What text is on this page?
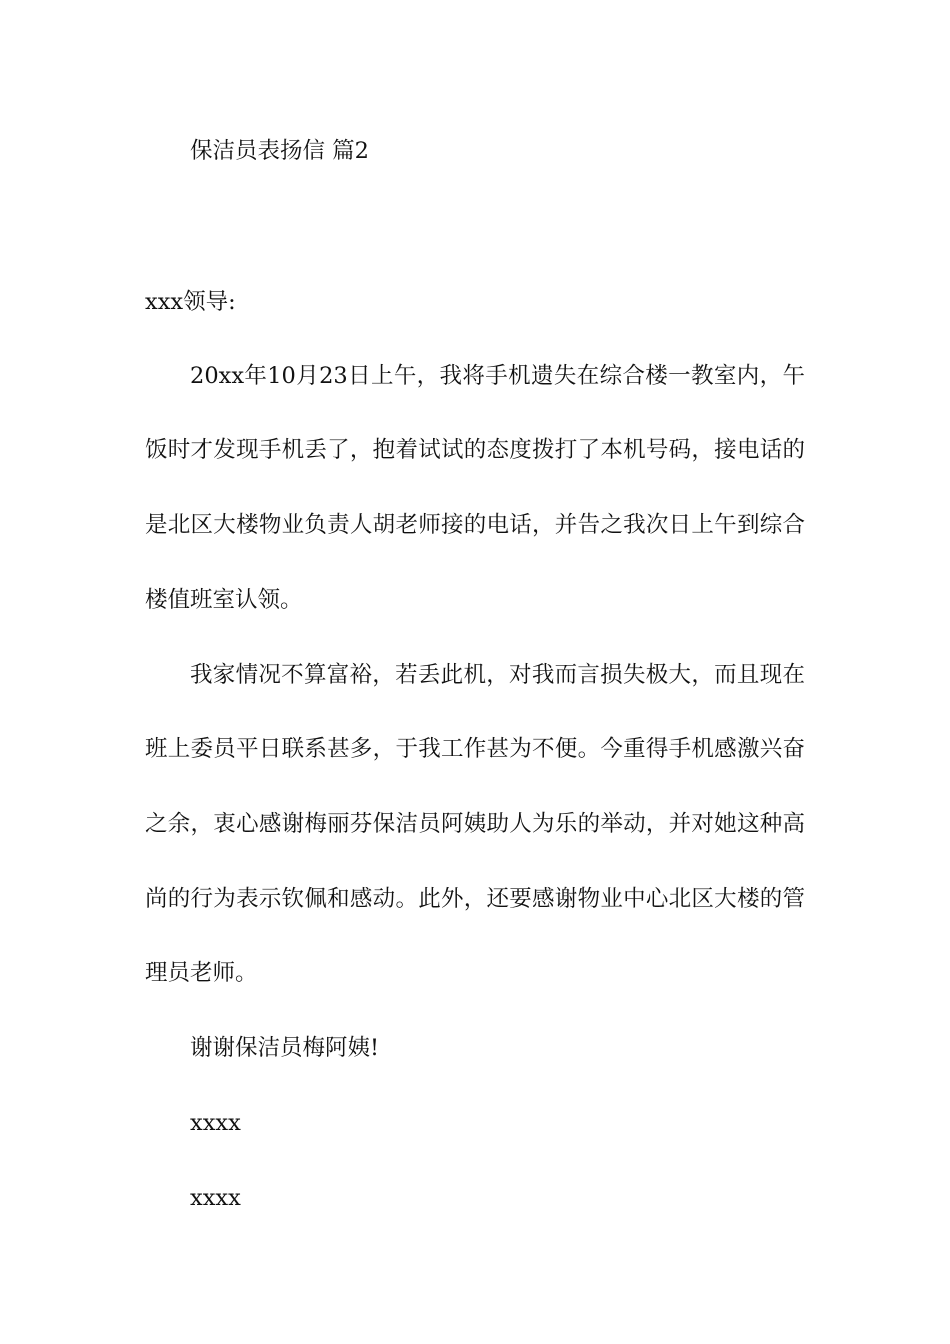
保洁员表扬信 篇2
xxx领导:
20xx年10月23日上午，我将手机遗失在综合楼一教室内，午
饭时才发现手机丢了，抱着试试的态度拨打了本机号码，接电话的
是北区大楼物业负责人胡老师接的电话，并告之我次日上午到综合
楼值班室认领。
我家情况不算富裕，若丢此机，对我而言损失极大，而且现在
班上委员平日联系甚多，于我工作甚为不便。今重得手机感激兴奋
之余，衷心感谢梅丽芬保洁员阿姨助人为乐的举动，并对她这种高
尚的行为表示钦佩和感动。此外，还要感谢物业中心北区大楼的管
理员老师。
谢谢保洁员梅阿姨!
xxxx
xxxx
